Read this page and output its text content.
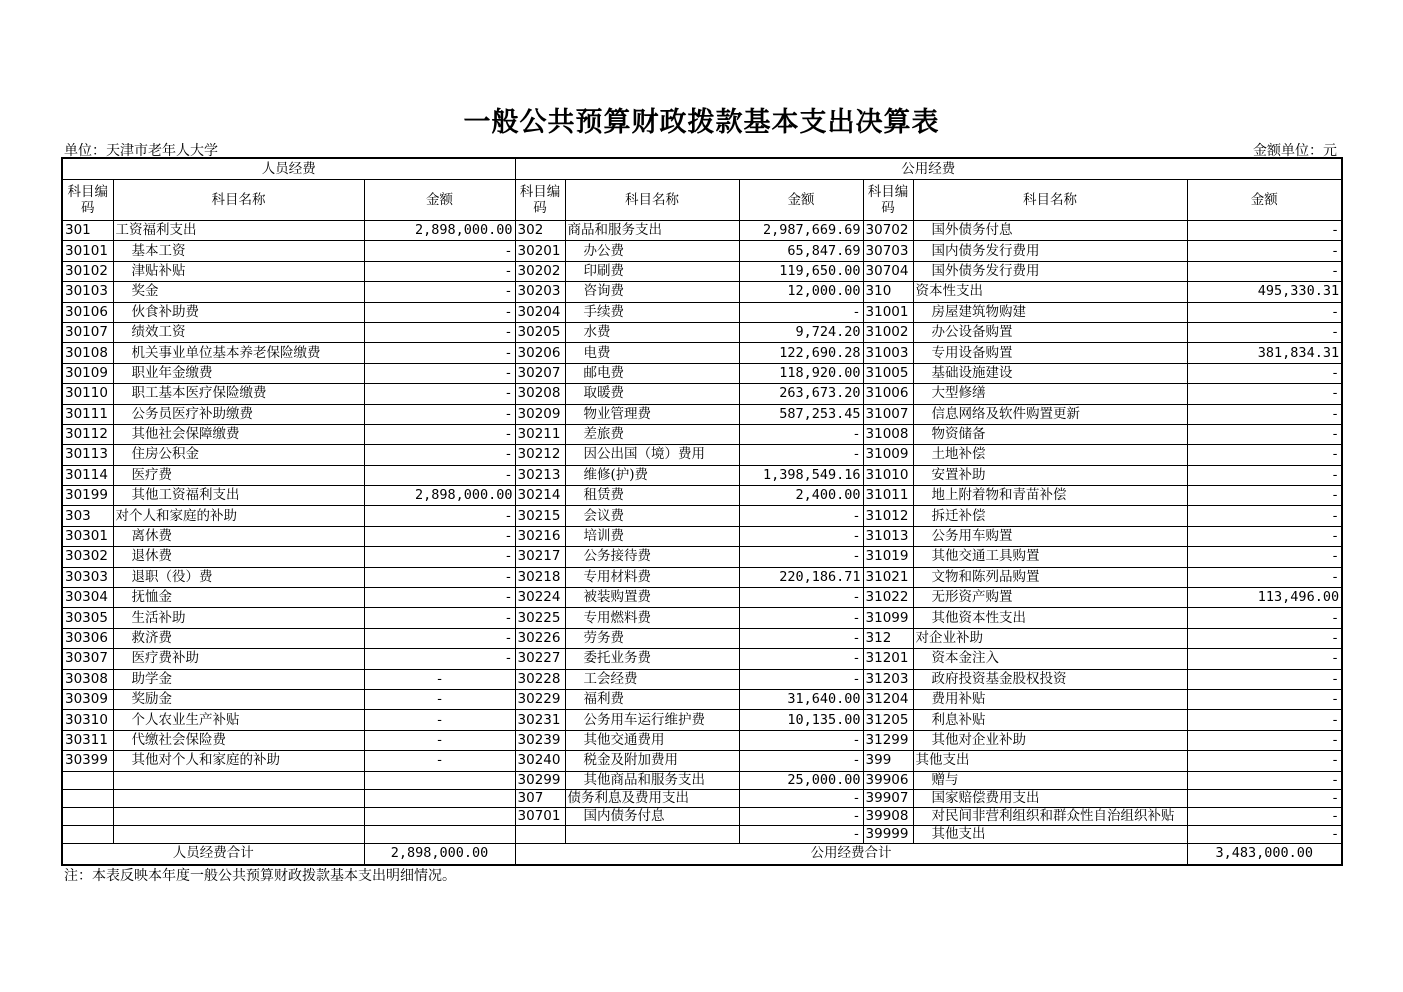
一般公共预算财政拨款基本支出决算表
单位：天津市老年人大学	金额单位：元
人员经费			公用经费					
科目编码	科目名称	金额	科目编码	科目名称	金额	科目编码	科目名称	金额
301	工资福利支出	2,898,000.00	302	商品和服务支出	2,987,669.69	30702	国外债务付息	-
30101	基本工资	-	30201	办公费	65,847.69	30703	国内债务发行费用	-
30102	津贴补贴	-	30202	印刷费	119,650.00	30704	国外债务发行费用	-
30103	奖金	-	30203	咨询费	12,000.00	310	资本性支出	495,330.31
30106	伙食补助费	-	30204	手续费	-	31001	房屋建筑物购建	-
30107	绩效工资	-	30205	水费	9,724.20	31002	办公设备购置	-
30108	机关事业单位基本养老保险缴费	-	30206	电费	122,690.28	31003	专用设备购置	381,834.31
30109	职业年金缴费	-	30207	邮电费	118,920.00	31005	基础设施建设	-
30110	职工基本医疗保险缴费	-	30208	取暖费	263,673.20	31006	大型修缮	-
30111	公务员医疗补助缴费	-	30209	物业管理费	587,253.45	31007	信息网络及软件购置更新	-
30112	其他社会保障缴费	-	30211	差旅费	-	31008	物资储备	-
30113	住房公积金	-	30212	因公出国（境）费用	-	31009	土地补偿	-
30114	医疗费	-	30213	维修(护)费	1,398,549.16	31010	安置补助	-
30199	其他工资福利支出	2,898,000.00	30214	租赁费	2,400.00	31011	地上附着物和青苗补偿	-
303	对个人和家庭的补助	-	30215	会议费	-	31012	拆迁补偿	-
30301	离休费	-	30216	培训费	-	31013	公务用车购置	-
30302	退休费	-	30217	公务接待费	-	31019	其他交通工具购置	-
30303	退职（役）费	-	30218	专用材料费	220,186.71	31021	文物和陈列品购置	-
30304	抚恤金	-	30224	被装购置费	-	31022	无形资产购置	113,496.00
30305	生活补助	-	30225	专用燃料费	-	31099	其他资本性支出	-
30306	救济费	-	30226	劳务费	-	312	对企业补助	-
30307	医疗费补助	-	30227	委托业务费	-	31201	资本金注入	-
30308	助学金	-	30228	工会经费	-	31203	政府投资基金股权投资	-
30309	奖励金	-	30229	福利费	31,640.00	31204	费用补贴	-
30310	个人农业生产补贴	-	30231	公务用车运行维护费	10,135.00	31205	利息补贴	-
30311	代缴社会保险费	-	30239	其他交通费用	-	31299	其他对企业补助	-
30399	其他对个人和家庭的补助	-	30240	税金及附加费用	-	399	其他支出	-
			30299	其他商品和服务支出	25,000.00	39906	赠与	-
			307	债务利息及费用支出	-	39907	国家赔偿费用支出	-
			30701	国内债务付息	-	39908	对民间非营利组织和群众性自治组织补贴	-
					-	39999	其他支出	-
人员经费合计		2,898,000.00	公用经费合计					3,483,000.00
注：本表反映本年度一般公共预算财政拨款基本支出明细情况。
